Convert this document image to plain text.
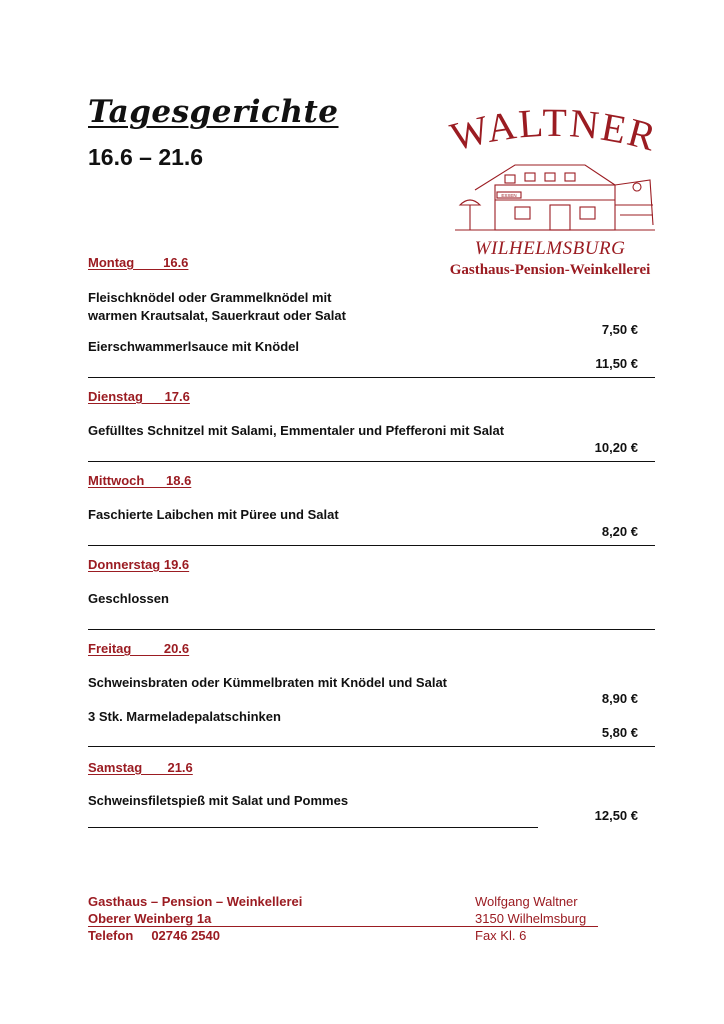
Tagesgerichte
16.6 – 21.6	WALTNER
ESSEN
WILHELMSBURG
Gasthaus-Pension-Weinkellerei
Montag        16.6
Fleischknödel oder Grammelknödel mit
warmen Krautsalat, Sauerkraut oder Salat
7,50 €
Eierschwammerlsauce mit Knödel
11,50 €
Dienstag      17.6
Gefülltes Schnitzel mit Salami, Emmentaler und Pfefferoni mit Salat
10,20 €
Mittwoch      18.6
Faschierte Laibchen mit Püree und Salat
8,20 €
Donnerstag 19.6
Geschlossen
Freitag         20.6
Schweinsbraten oder Kümmelbraten mit Knödel und Salat
8,90 €
3 Stk. Marmeladepalatschinken
5,80 €
Samstag       21.6
Schweinsfiletspieß mit Salat und Pommes
12,50 €
Gasthaus – Pension – Weinkellerei
Oberer Weinberg 1a
Telefon     02746 2540
Wolfgang Waltner
3150 Wilhelmsburg
Fax Kl. 6
